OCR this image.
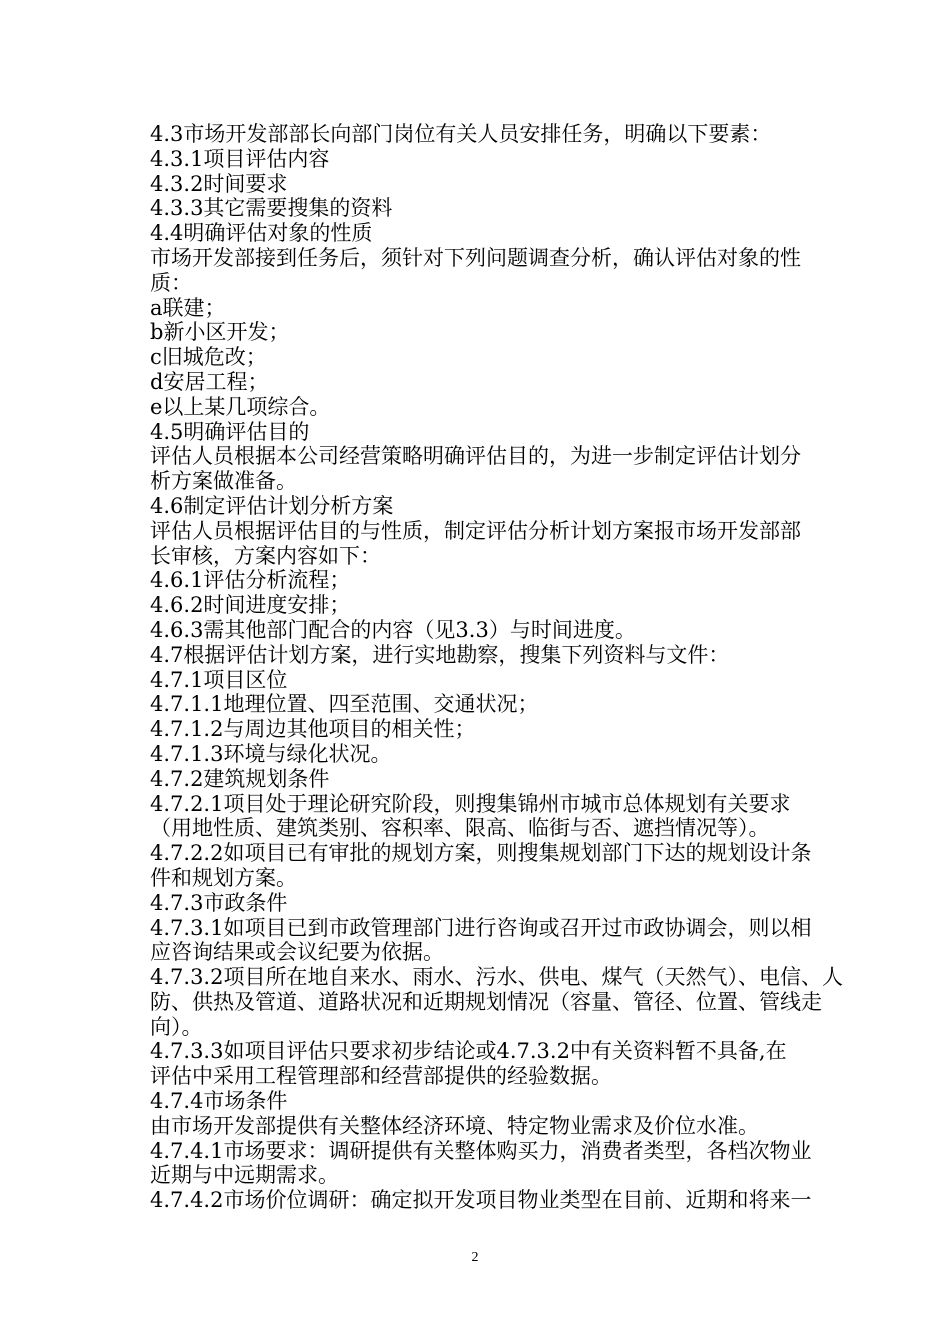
4.3市场开发部部长向部门岗位有关人员安排任务，明确以下要素：
4.3.1项目评估内容
4.3.2时间要求
4.3.3其它需要搜集的资料
4.4明确评估对象的性质
市场开发部接到任务后，须针对下列问题调查分析，确认评估对象的性
质：
a联建；
b新小区开发；
c旧城危改；
d安居工程；
e以上某几项综合。
4.5明确评估目的
评估人员根据本公司经营策略明确评估目的，为进一步制定评估计划分
析方案做准备。
4.6制定评估计划分析方案
评估人员根据评估目的与性质，制定评估分析计划方案报市场开发部部
长审核，方案内容如下：
4.6.1评估分析流程；
4.6.2时间进度安排；
4.6.3需其他部门配合的内容（见3.3）与时间进度。
4.7根据评估计划方案，进行实地勘察，搜集下列资料与文件：
4.7.1项目区位
4.7.1.1地理位置、四至范围、交通状况；
4.7.1.2与周边其他项目的相关性；
4.7.1.3环境与绿化状况。
4.7.2建筑规划条件
4.7.2.1项目处于理论研究阶段，则搜集锦州市城市总体规划有关要求
（用地性质、建筑类别、容积率、限高、临街与否、遮挡情况等）。
4.7.2.2如项目已有审批的规划方案，则搜集规划部门下达的规划设计条
件和规划方案。
4.7.3市政条件
4.7.3.1如项目已到市政管理部门进行咨询或召开过市政协调会，则以相
应咨询结果或会议纪要为依据。
4.7.3.2项目所在地自来水、雨水、污水、供电、煤气（天然气）、电信、人
防、供热及管道、道路状况和近期规划情况（容量、管径、位置、管线走
向）。
4.7.3.3如项目评估只要求初步结论或4.7.3.2中有关资料暂不具备,在
评估中采用工程管理部和经营部提供的经验数据。
4.7.4市场条件
由市场开发部提供有关整体经济环境、特定物业需求及价位水准。
4.7.4.1市场要求：调研提供有关整体购买力，消费者类型，各档次物业
近期与中远期需求。
4.7.4.2市场价位调研：确定拟开发项目物业类型在目前、近期和将来一
2
